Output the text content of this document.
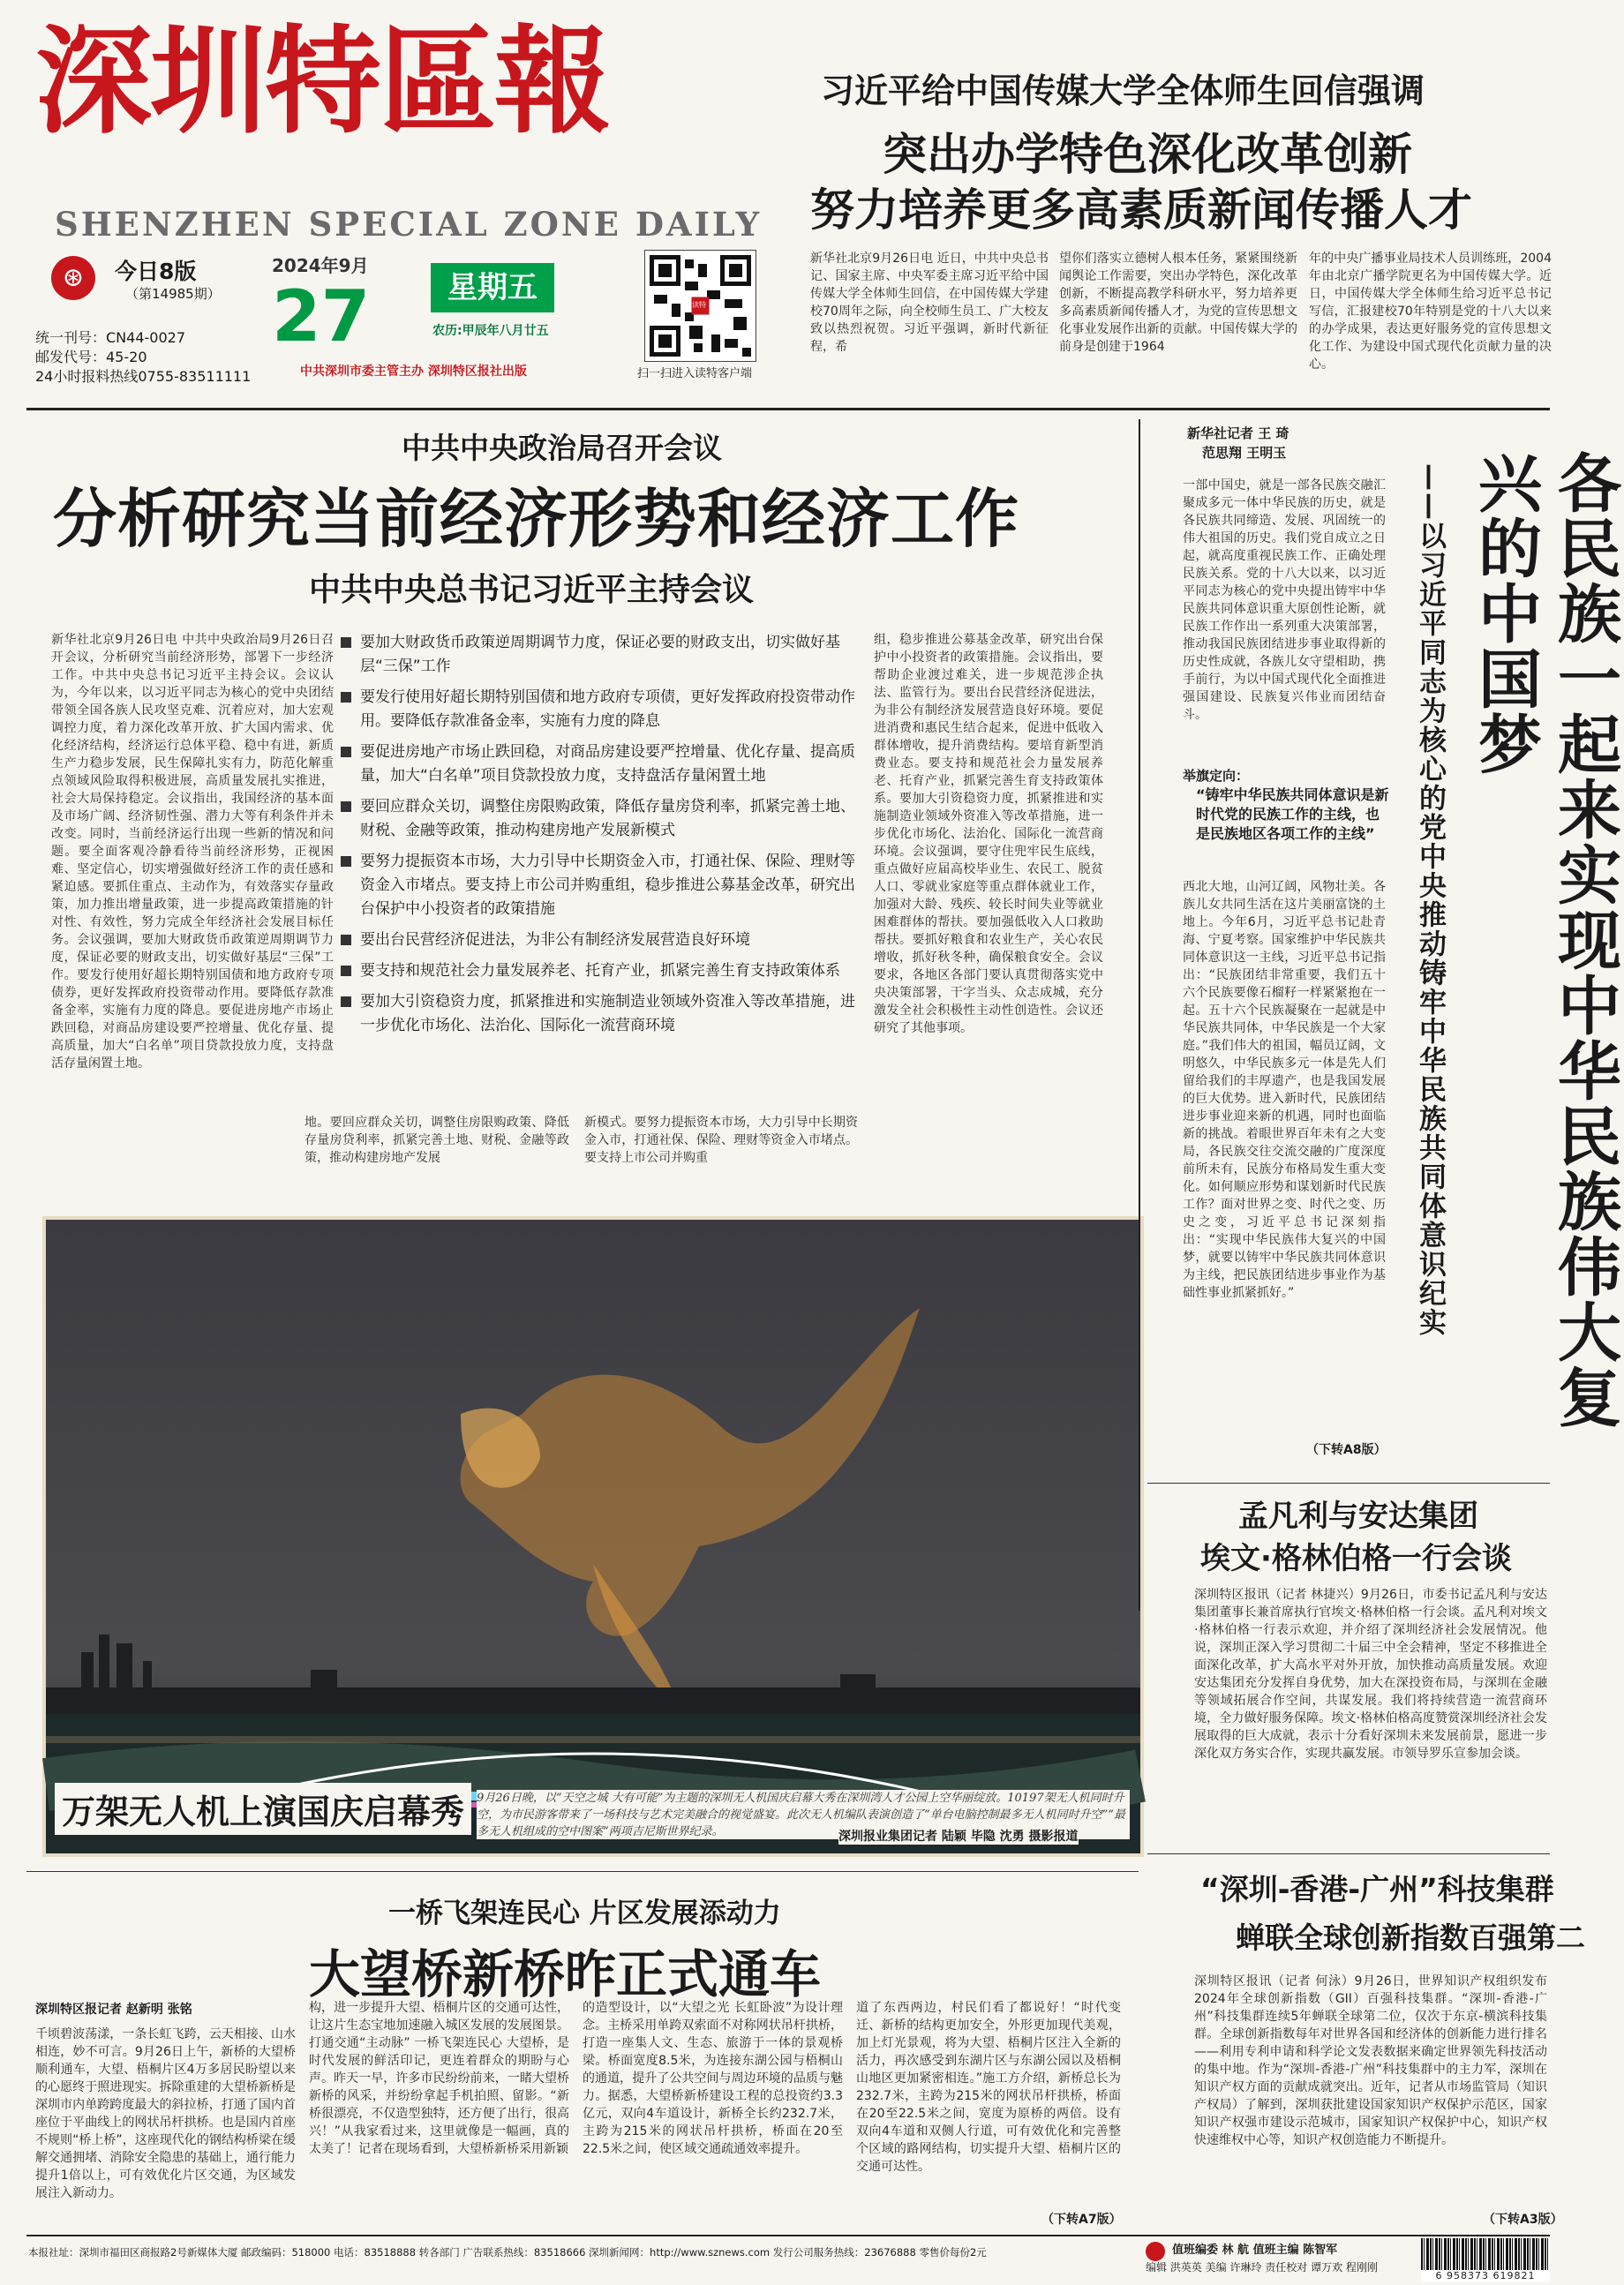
深圳特區報
SHENZHEN SPECIAL ZONE DAILY
⊛	今日8版
（第14985期）
统一刊号：CN44-0027
邮发代号：45-20
24小时报料热线0755-83511111
2024年9月
27	星期五
农历:甲辰年八月廿五
中共深圳市委主管主办 深圳特区报社出版
读特
扫一扫进入读特客户端
习近平给中国传媒大学全体师生回信强调
突出办学特色深化改革创新
努力培养更多高素质新闻传播人才
新华社北京9月26日电 近日，中共中央总书记、国家主席、中央军委主席习近平给中国传媒大学全体师生回信，在中国传媒大学建校70周年之际，向全校师生员工、广大校友致以热烈祝贺。习近平强调，新时代新征程，希
望你们落实立德树人根本任务，紧紧围绕新闻舆论工作需要，突出办学特色，深化改革创新，不断提高教学科研水平，努力培养更多高素质新闻传播人才，为党的宣传思想文化事业发展作出新的贡献。中国传媒大学的前身是创建于1964
年的中央广播事业局技术人员训练班，2004年由北京广播学院更名为中国传媒大学。近日，中国传媒大学全体师生给习近平总书记写信，汇报建校70年特别是党的十八大以来的办学成果，表达更好服务党的宣传思想文化工作、为建设中国式现代化贡献力量的决心。
中共中央政治局召开会议
分析研究当前经济形势和经济工作
中共中央总书记习近平主持会议
新华社北京9月26日电 中共中央政治局9月26日召开会议，分析研究当前经济形势，部署下一步经济工作。中共中央总书记习近平主持会议。会议认为，今年以来，以习近平同志为核心的党中央团结带领全国各族人民攻坚克难、沉着应对，加大宏观调控力度，着力深化改革开放、扩大国内需求、优化经济结构，经济运行总体平稳、稳中有进，新质生产力稳步发展，民生保障扎实有力，防范化解重点领域风险取得积极进展，高质量发展扎实推进，社会大局保持稳定。会议指出，我国经济的基本面及市场广阔、经济韧性强、潜力大等有利条件并未改变。同时，当前经济运行出现一些新的情况和问题。要全面客观冷静看待当前经济形势，正视困难、坚定信心，切实增强做好经济工作的责任感和紧迫感。要抓住重点、主动作为，有效落实存量政策，加力推出增量政策，进一步提高政策措施的针对性、有效性，努力完成全年经济社会发展目标任务。会议强调，要加大财政货币政策逆周期调节力度，保证必要的财政支出，切实做好基层“三保”工作。要发行使用好超长期特别国债和地方政府专项债券，更好发挥政府投资带动作用。要降低存款准备金率，实施有力度的降息。要促进房地产市场止跌回稳，对商品房建设要严控增量、优化存量、提高质量，加大“白名单”项目贷款投放力度，支持盘活存量闲置土地。
要加大财政货币政策逆周期调节力度，保证必要的财政支出，切实做好基层“三保”工作
要发行使用好超长期特别国债和地方政府专项债，更好发挥政府投资带动作用。要降低存款准备金率，实施有力度的降息
要促进房地产市场止跌回稳，对商品房建设要严控增量、优化存量、提高质量，加大“白名单”项目贷款投放力度，支持盘活存量闲置土地
要回应群众关切，调整住房限购政策，降低存量房贷利率，抓紧完善土地、财税、金融等政策，推动构建房地产发展新模式
要努力提振资本市场，大力引导中长期资金入市，打通社保、保险、理财等资金入市堵点。要支持上市公司并购重组，稳步推进公募基金改革，研究出台保护中小投资者的政策措施
要出台民营经济促进法，为非公有制经济发展营造良好环境
要支持和规范社会力量发展养老、托育产业，抓紧完善生育支持政策体系
要加大引资稳资力度，抓紧推进和实施制造业领域外资准入等改革措施，进一步优化市场化、法治化、国际化一流营商环境
地。要回应群众关切，调整住房限购政策、降低存量房贷利率，抓紧完善土地、财税、金融等政策，推动构建房地产发展
新模式。要努力提振资本市场，大力引导中长期资金入市，打通社保、保险、理财等资金入市堵点。要支持上市公司并购重
组，稳步推进公募基金改革，研究出台保护中小投资者的政策措施。会议指出，要帮助企业渡过难关，进一步规范涉企执法、监管行为。要出台民营经济促进法，为非公有制经济发展营造良好环境。要促进消费和惠民生结合起来，促进中低收入群体增收，提升消费结构。要培育新型消费业态。要支持和规范社会力量发展养老、托育产业，抓紧完善生育支持政策体系。要加大引资稳资力度，抓紧推进和实施制造业领域外资准入等改革措施，进一步优化市场化、法治化、国际化一流营商环境。会议强调，要守住兜牢民生底线，重点做好应届高校毕业生、农民工、脱贫人口、零就业家庭等重点群体就业工作，加强对大龄、残疾、较长时间失业等就业困难群体的帮扶。要加强低收入人口救助帮扶。要抓好粮食和农业生产，关心农民增收，抓好秋冬种，确保粮食安全。会议要求，各地区各部门要认真贯彻落实党中央决策部署，干字当头、众志成城，充分激发全社会积极性主动性创造性。会议还研究了其他事项。
万架无人机上演国庆启幕秀	9月26日晚，以“天空之城 大有可能”为主题的深圳无人机国庆启幕大秀在深圳湾人才公园上空华丽绽放。10197架无人机同时升空，为市民游客带来了一场科技与艺术完美融合的视觉盛宴。此次无人机编队表演创造了“单台电脑控制最多无人机同时升空”“最多无人机组成的空中图案”两项吉尼斯世界纪录。	深圳报业集团记者 陆颖 毕隐 沈勇 摄影报道
新华社记者 王 琦
范思翔 王明玉
一部中国史，就是一部各民族交融汇聚成多元一体中华民族的历史，就是各民族共同缔造、发展、巩固统一的伟大祖国的历史。我们党自成立之日起，就高度重视民族工作、正确处理民族关系。党的十八大以来，以习近平同志为核心的党中央提出铸牢中华民族共同体意识重大原创性论断，就民族工作作出一系列重大决策部署，推动我国民族团结进步事业取得新的历史性成就，各族儿女守望相助，携手前行，为以中国式现代化全面推进强国建设、民族复兴伟业而团结奋斗。
举旗定向：
“铸牢中华民族共同体意识是新时代党的民族工作的主线，也是民族地区各项工作的主线”
西北大地，山河辽阔，风物壮美。各族儿女共同生活在这片美丽富饶的土地上。今年6月，习近平总书记赴青海、宁夏考察。国家维护中华民族共同体意识这一主线，习近平总书记指出：“民族团结非常重要，我们五十六个民族要像石榴籽一样紧紧抱在一起。五十六个民族凝聚在一起就是中华民族共同体，中华民族是一个大家庭。”我们伟大的祖国，幅员辽阔，文明悠久，中华民族多元一体是先人们留给我们的丰厚遗产，也是我国发展的巨大优势。进入新时代，民族团结进步事业迎来新的机遇，同时也面临新的挑战。着眼世界百年未有之大变局，各民族交往交流交融的广度深度前所未有，民族分布格局发生重大变化。如何顺应形势和谋划新时代民族工作？面对世界之变、时代之变、历史之变，习近平总书记深刻指出：“实现中华民族伟大复兴的中国梦，就要以铸牢中华民族共同体意识为主线，把民族团结进步事业作为基础性事业抓紧抓好。”
（下转A8版）
各民族一起来实现中华民族伟大复兴的中国梦
——以习近平同志为核心的党中央推动铸牢中华民族共同体意识纪实
孟凡利与安达集团
埃文·格林伯格一行会谈
深圳特区报讯（记者 林捷兴）9月26日，市委书记孟凡利与安达集团董事长兼首席执行官埃文·格林伯格一行会谈。孟凡利对埃文·格林伯格一行表示欢迎，并介绍了深圳经济社会发展情况。他说，深圳正深入学习贯彻二十届三中全会精神，坚定不移推进全面深化改革，扩大高水平对外开放，加快推动高质量发展。欢迎安达集团充分发挥自身优势，加大在深投资布局，与深圳在金融等领域拓展合作空间，共谋发展。我们将持续营造一流营商环境，全力做好服务保障。埃文·格林伯格高度赞赏深圳经济社会发展取得的巨大成就，表示十分看好深圳未来发展前景，愿进一步深化双方务实合作，实现共赢发展。市领导罗乐宣参加会谈。
“深圳-香港-广州”科技集群
蝉联全球创新指数百强第二
深圳特区报讯（记者 何泳）9月26日，世界知识产权组织发布2024年全球创新指数（GII）百强科技集群。“深圳-香港-广州”科技集群连续5年蝉联全球第二位，仅次于东京-横滨科技集群。全球创新指数每年对世界各国和经济体的创新能力进行排名——利用专利申请和科学论文发表数据来确定世界领先科技活动的集中地。作为“深圳-香港-广州”科技集群中的主力军，深圳在知识产权方面的贡献成就突出。近年，记者从市场监管局（知识产权局）了解到，深圳获批建设国家知识产权保护示范区，国家知识产权强市建设示范城市，国家知识产权保护中心，知识产权快速维权中心等，知识产权创造能力不断提升。
（下转A3版）
一桥飞架连民心 片区发展添动力
大望桥新桥昨正式通车
深圳特区报记者 赵新明 张铭
千顷碧波荡漾，一条长虹飞跨，云天相接、山水相连，妙不可言。9月26日上午，新桥的大望桥顺利通车，大望、梧桐片区4万多居民盼望以来的心愿终于照进现实。拆除重建的大望桥新桥是深圳市内单跨跨度最大的斜拉桥，打通了国内首座位于平曲线上的网状吊杆拱桥。也是国内首座不规则“桥上桥”，这座现代化的钢结构桥梁在缓解交通拥堵、消除安全隐患的基础上，通行能力提升1倍以上，可有效优化片区交通，为区域发展注入新动力。
构，进一步提升大望、梧桐片区的交通可达性，让这片生态宝地加速融入城区发展的发展图景。打通交通“主动脉” 一桥飞架连民心 大望桥，是时代发展的鲜活印记，更连着群众的期盼与心声。昨天一早，许多市民纷纷前来，一睹大望桥新桥的风采，并纷纷拿起手机拍照、留影。“新桥很漂亮，不仅造型独特，还方便了出行，很高兴！”从我家看过来，这里就像是一幅画，真的太美了！记者在现场看到，大望桥新桥采用新颖
的造型设计，以“大望之光 长虹卧波”为设计理念。主桥采用单跨双索面不对称网状吊杆拱桥，打造一座集人文、生态、旅游于一体的景观桥梁。桥面宽度8.5米，为连接东湖公园与梧桐山的通道，提升了公共空间与周边环境的品质与魅力。据悉，大望桥新桥建设工程的总投资约3.3亿元，双向4车道设计，新桥全长约232.7米，主跨为215米的网状吊杆拱桥，桥面在20至22.5米之间，使区域交通疏通效率提升。
道了东西两边，村民们看了都说好！“时代变迁、新桥的结构更加安全，外形更加现代美观，加上灯光景观，将为大望、梧桐片区注入全新的活力，再次感受到东湖片区与东湖公园以及梧桐山地区更加紧密相连。”施工方介绍，新桥总长为232.7米，主跨为215米的网状吊杆拱桥，桥面在20至22.5米之间，宽度为原桥的两倍。设有双向4车道和双侧人行道，可有效优化和完善整个区域的路网结构，切实提升大望、梧桐片区的交通可达性。
（下转A7版）
本报社址：深圳市福田区商报路2号新媒体大厦 邮政编码：518000 电话：83518888 转各部门 广告联系热线：83518666 深圳新闻网：http://www.sznews.com 发行公司服务热线：23676888 零售价每份2元	值班编委 林 航 值班主编 陈智军
编辑 洪英英 美编 许琳玲 责任校对 谭万欢 程刚刚
6 958373 619821
